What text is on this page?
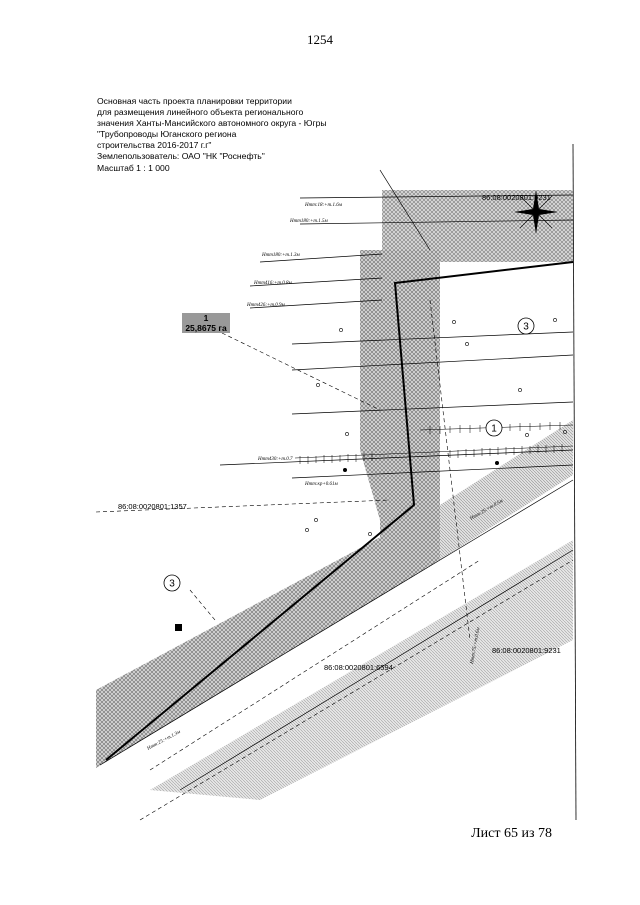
1254
Основная часть проекта планировки территории
для размещения линейного объекта регионального
значения Ханты-Мансийского автономного округа - Югры
"Трубопроводы Юганского региона
строительства 2016-2017 г.г"
Землепользователь: ОАО "НК "Роснефть"
Масштаб 1 : 1 000
3
1
3
1
25,8675 га
86:08:0020801:9231
86:08:0020801:1357
86:08:0020801:9231
86:08:0020801:6594
Нтт:18:+т.1.6м
Нтт180:+т.1.5м
Нтт180:+т.1.3м
Нтт416:+т.0.8м
Нтт426:+т.0.9м
Нтт430:+т.0.7
Нтт:кр+0.61м
Нтт:25:+т.0.5м
Нтт:75:+т.0.6м
Нтт:25:+т.1.3м
Лист 65 из 78
